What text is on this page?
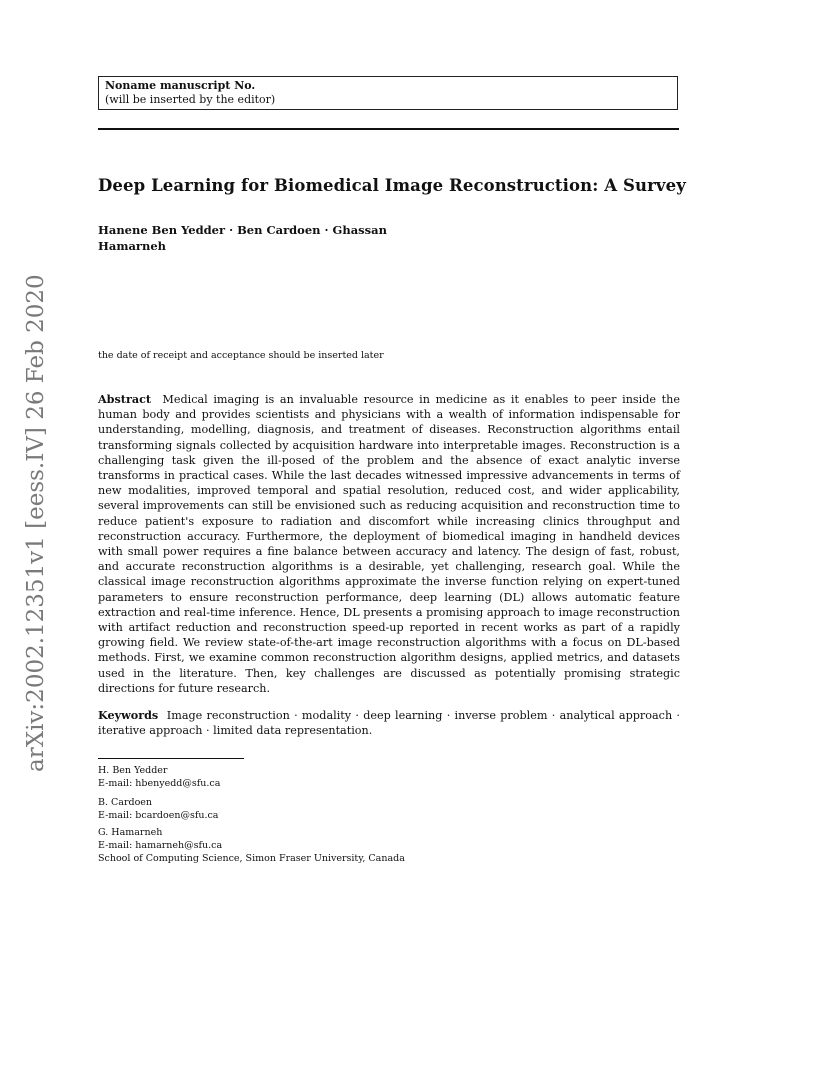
Noname manuscript No.
(will be inserted by the editor)
Deep Learning for Biomedical Image Reconstruction: A Survey
Hanene Ben Yedder · Ben Cardoen · Ghassan
Hamarneh
arXiv:2002.12351v1 [eess.IV] 26 Feb 2020	the date of receipt and acceptance should be inserted later
Abstract Medical imaging is an invaluable resource in medicine as it enables to peer inside the human body and provides scientists and physicians with a wealth of information indispensable for understanding, modelling, diagnosis, and treatment of diseases. Reconstruction algorithms entail transforming signals collected by acquisition hardware into interpretable images. Reconstruction is a challenging task given the ill-posed of the problem and the absence of exact analytic inverse transforms in practical cases. While the last decades witnessed impressive advancements in terms of new modalities, improved temporal and spatial resolution, reduced cost, and wider applicability, several improvements can still be envisioned such as reducing acquisition and reconstruction time to reduce patient's exposure to radiation and discomfort while increasing clinics throughput and reconstruction accuracy. Furthermore, the deployment of biomedical imaging in handheld devices with small power requires a fine balance between accuracy and latency. The design of fast, robust, and accurate reconstruction algorithms is a desirable, yet challenging, research goal. While the classical image reconstruction algorithms approximate the inverse function relying on expert-tuned parameters to ensure reconstruction performance, deep learning (DL) allows automatic feature extraction and real-time inference. Hence, DL presents a promising approach to image reconstruction with artifact reduction and reconstruction speed-up reported in recent works as part of a rapidly growing field. We review state-of-the-art image reconstruction algorithms with a focus on DL-based methods. First, we examine common reconstruction algorithm designs, applied metrics, and datasets used in the literature. Then, key challenges are discussed as potentially promising strategic directions for future research.
Keywords Image reconstruction · modality · deep learning · inverse problem · analytical approach · iterative approach · limited data representation.
H. Ben Yedder
E-mail: hbenyedd@sfu.ca
B. Cardoen
E-mail: bcardoen@sfu.ca
G. Hamarneh
E-mail: hamarneh@sfu.ca
School of Computing Science, Simon Fraser University, Canada
